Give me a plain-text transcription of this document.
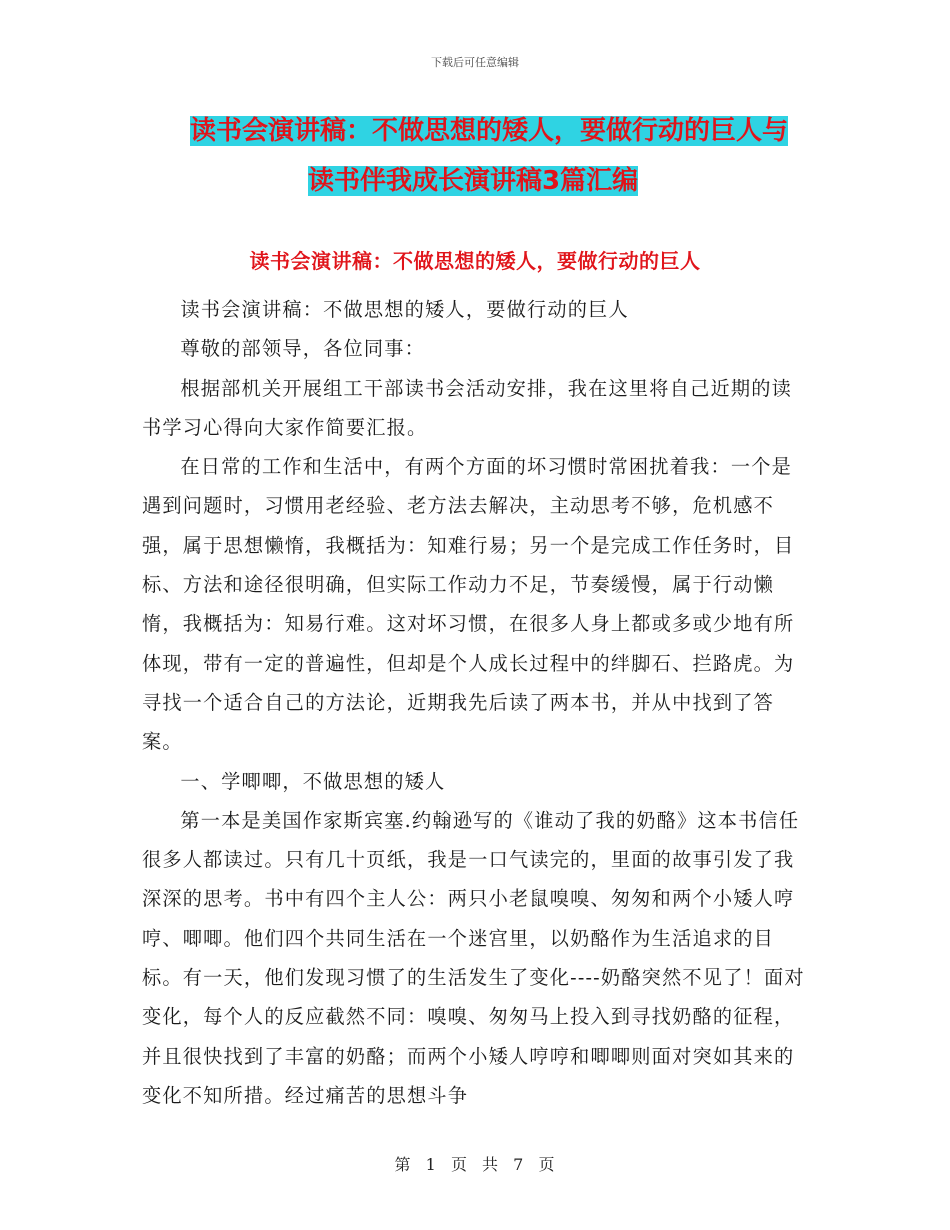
下载后可任意编辑
读书会演讲稿：不做思想的矮人，要做行动的巨人与
读书伴我成长演讲稿3篇汇编
读书会演讲稿：不做思想的矮人，要做行动的巨人

读书会演讲稿：不做思想的矮人，要做行动的巨人

尊敬的部领导，各位同事：

根据部机关开展组工干部读书会活动安排，我在这里将自己近期的读书学习心得向大家作简要汇报。

在日常的工作和生活中，有两个方面的坏习惯时常困扰着我：一个是遇到问题时，习惯用老经验、老方法去解决，主动思考不够，危机感不强，属于思想懒惰，我概括为：知难行易；另一个是完成工作任务时，目标、方法和途径很明确，但实际工作动力不足，节奏缓慢，属于行动懒惰，我概括为：知易行难。这对坏习惯，在很多人身上都或多或少地有所体现，带有一定的普遍性，但却是个人成长过程中的绊脚石、拦路虎。为寻找一个适合自己的方法论，近期我先后读了两本书，并从中找到了答案。

一、学唧唧，不做思想的矮人

第一本是美国作家斯宾塞.约翰逊写的《谁动了我的奶酪》这本书信任很多人都读过。只有几十页纸，我是一口气读完的，里面的故事引发了我深深的思考。书中有四个主人公：两只小老鼠嗅嗅、匆匆和两个小矮人哼哼、唧唧。他们四个共同生活在一个迷宫里，以奶酪作为生活追求的目标。有一天，他们发现习惯了的生活发生了变化----奶酪突然不见了！面对变化，每个人的反应截然不同：嗅嗅、匆匆马上投入到寻找奶酪的征程，并且很快找到了丰富的奶酪；而两个小矮人哼哼和唧唧则面对突如其来的变化不知所措。经过痛苦的思想斗争

第 1 页 共 7 页
